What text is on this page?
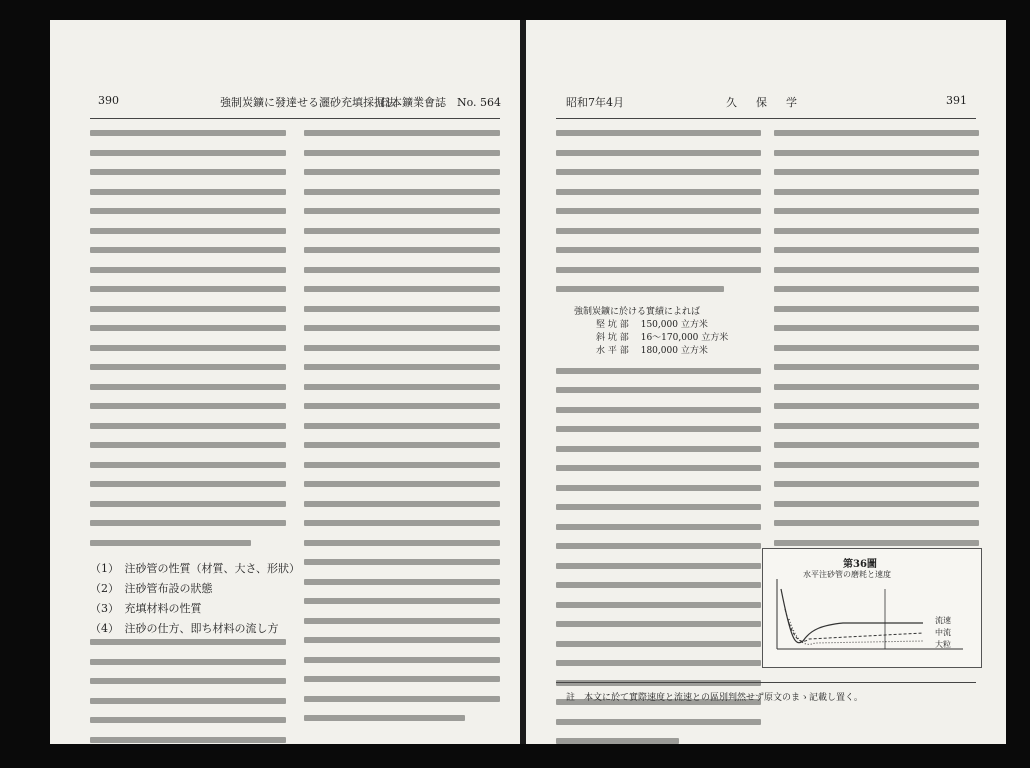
390	強制炭鑛に發達せる灑砂充填採掘法
日本鑛業會誌　No. 564
（1）　注砂管の性質（材質、大さ、形狀）
（2）　注砂管布設の狀態
（3）　充填材料の性質
（4）　注砂の仕方、即ち材料の流し方
昭和7年4月	久　保　学	391
強制炭鑛に於ける實績によれば
堅 坑 部 150,000 立方米
斜 坑 部 16～170,000 立方米
水 平 部 180,000 立方米
第36圖
水平注砂管の磨耗と速度
流速
中流
大粒
註　本文に於て實際速度と流速との區別判然せず原文のまゝ記載し置く。
